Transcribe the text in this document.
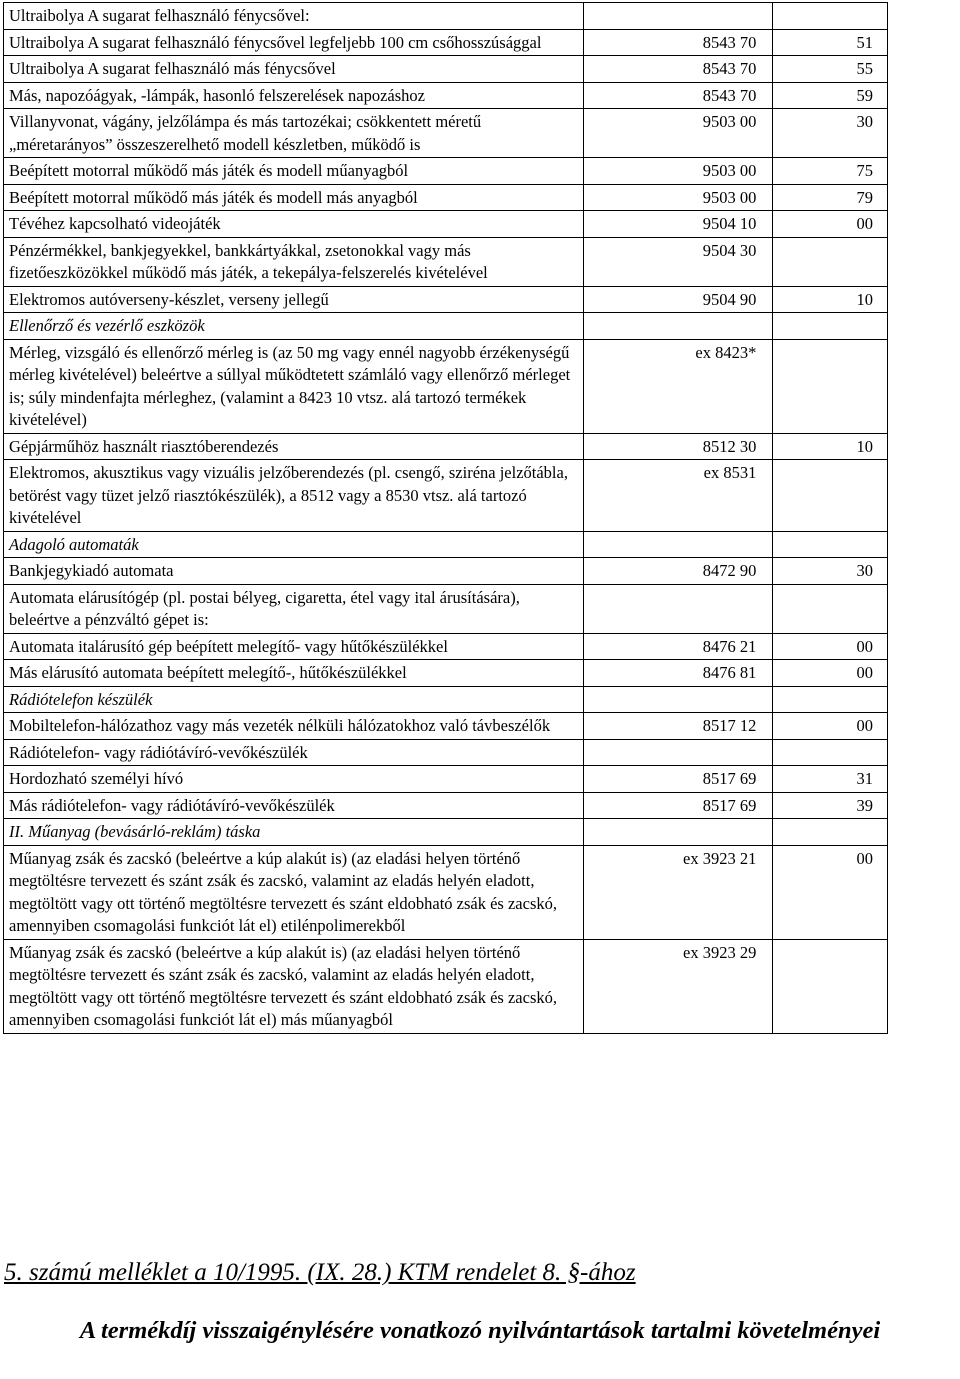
Ultraibolya A sugarat felhasználó fénycsővel:		
Ultraibolya A sugarat felhasználó fénycsővel legfeljebb 100 cm csőhosszúsággal	8543 70	51
Ultraibolya A sugarat felhasználó más fénycsővel	8543 70	55
Más, napozóágyak, -lámpák, hasonló felszerelések napozáshoz	8543 70	59
Villanyvonat, vágány, jelzőlámpa és más tartozékai; csökkentett méretű „méretarányos” összeszerelhető modell készletben, működő is	9503 00	30
Beépített motorral működő más játék és modell műanyagból	9503 00	75
Beépített motorral működő más játék és modell más anyagból	9503 00	79
Tévéhez kapcsolható videojáték	9504 10	00
Pénzérmékkel, bankjegyekkel, bankkártyákkal, zsetonokkal vagy más fizetőeszközökkel működő más játék, a tekepálya-felszerelés kivételével	9504 30	
Elektromos autóverseny-készlet, verseny jellegű	9504 90	10
Ellenőrző és vezérlő eszközök		
Mérleg, vizsgáló és ellenőrző mérleg is (az 50 mg vagy ennél nagyobb érzékenységű mérleg kivételével) beleértve a súllyal működtetett számláló vagy ellenőrző mérleget is; súly mindenfajta mérleghez, (valamint a 8423 10 vtsz. alá tartozó termékek kivételével)	ex 8423*	
Gépjárműhöz használt riasztóberendezés	8512 30	10
Elektromos, akusztikus vagy vizuális jelzőberendezés (pl. csengő, sziréna jelzőtábla, betörést vagy tüzet jelző riasztókészülék), a 8512 vagy a 8530 vtsz. alá tartozó kivételével	ex 8531	
Adagoló automaták		
Bankjegykiadó automata	8472 90	30
Automata elárusítógép (pl. postai bélyeg, cigaretta, étel vagy ital árusítására), beleértve a pénzváltó gépet is:		
Automata italárusító gép beépített melegítő- vagy hűtőkészülékkel	8476 21	00
Más elárusító automata beépített melegítő-, hűtőkészülékkel	8476 81	00
Rádiótelefon készülék		
Mobiltelefon-hálózathoz vagy más vezeték nélküli hálózatokhoz való távbeszélők	8517 12	00
Rádiótelefon- vagy rádiótávíró-vevőkészülék		
Hordozható személyi hívó	8517 69	31
Más rádiótelefon- vagy rádiótávíró-vevőkészülék	8517 69	39
II. Műanyag (bevásárló-reklám) táska		
Műanyag zsák és zacskó (beleértve a kúp alakút is) (az eladási helyen történő megtöltésre tervezett és szánt zsák és zacskó, valamint az eladás helyén eladott, megtöltött vagy ott történő megtöltésre tervezett és szánt eldobható zsák és zacskó, amennyiben csomagolási funkciót lát el) etilénpolimerekből	ex 3923 21	00
Műanyag zsák és zacskó (beleértve a kúp alakút is) (az eladási helyen történő megtöltésre tervezett és szánt zsák és zacskó, valamint az eladás helyén eladott, megtöltött vagy ott történő megtöltésre tervezett és szánt eldobható zsák és zacskó, amennyiben csomagolási funkciót lát el) más műanyagból	ex 3923 29	
5. számú melléklet a 10/1995. (IX. 28.) KTM rendelet 8. §-ához
A termékdíj visszaigénylésére vonatkozó nyilvántartások tartalmi követelményei
